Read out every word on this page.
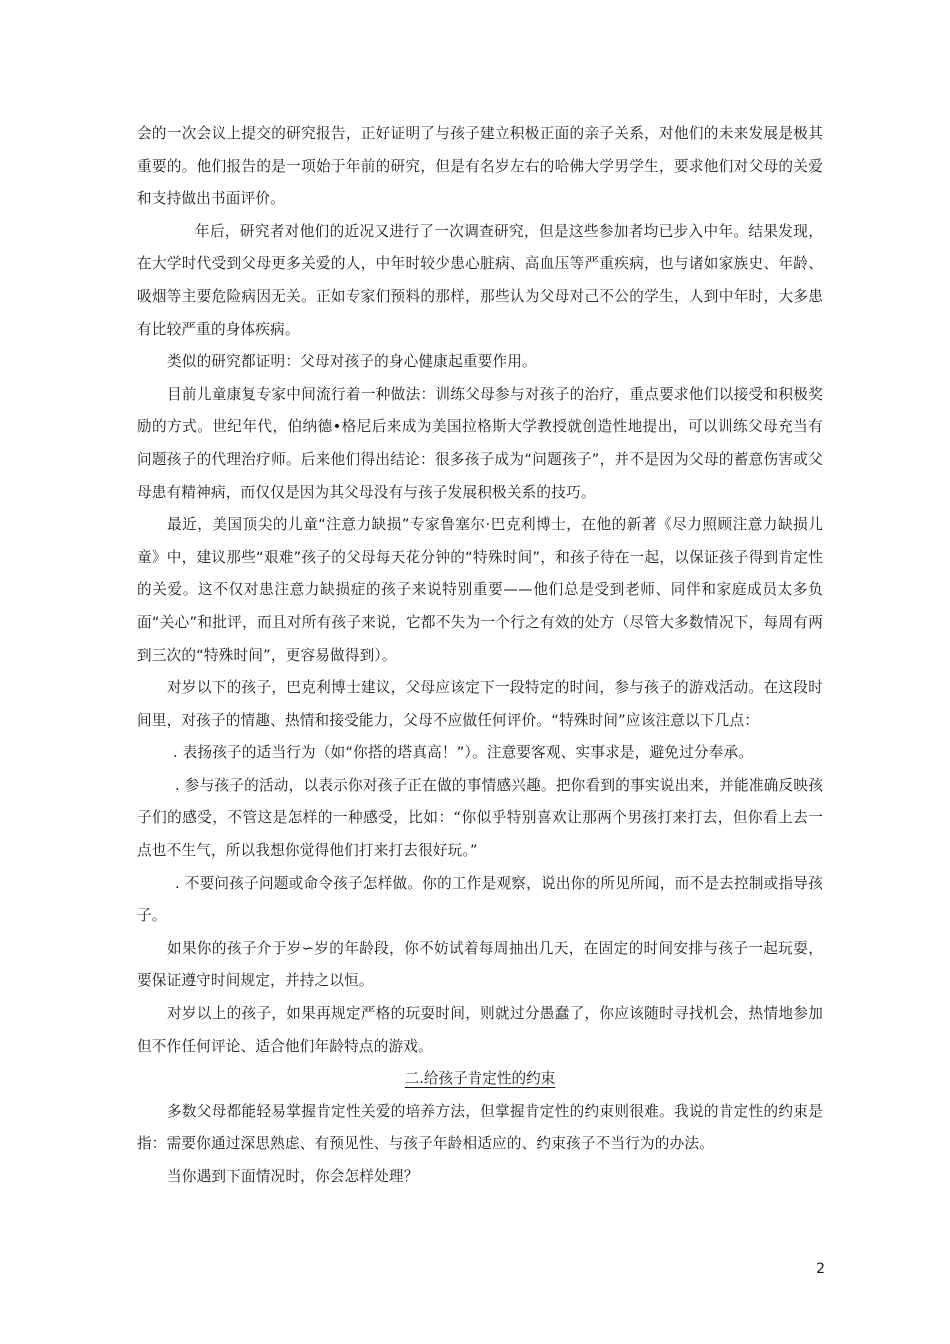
会的一次会议上提交的研究报告，正好证明了与孩子建立积极正面的亲子关系，对他们的未来发展是极其重要的。他们报告的是一项始于年前的研究，但是有名岁左右的哈佛大学男学生，要求他们对父母的关爱和支持做出书面评价。

年后，研究者对他们的近况又进行了一次调查研究，但是这些参加者均已步入中年。结果发现，在大学时代受到父母更多关爱的人，中年时较少患心脏病、高血压等严重疾病，也与诸如家族史、年龄、吸烟等主要危险病因无关。正如专家们预料的那样，那些认为父母对己不公的学生，人到中年时，大多患有比较严重的身体疾病。

类似的研究都证明：父母对孩子的身心健康起重要作用。

目前儿童康复专家中间流行着一种做法：训练父母参与对孩子的治疗，重点要求他们以接受和积极奖励的方式。世纪年代，伯纳德•格尼后来成为美国拉格斯大学教授就创造性地提出，可以训练父母充当有问题孩子的代理治疗师。后来他们得出结论：很多孩子成为“问题孩子”，并不是因为父母的蓄意伤害或父母患有精神病，而仅仅是因为其父母没有与孩子发展积极关系的技巧。

最近，美国顶尖的儿童“注意力缺损”专家鲁塞尔·巴克利博士，在他的新著《尽力照顾注意力缺损儿童》中，建议那些“艰难”孩子的父母每天花分钟的“特殊时间”，和孩子待在一起，以保证孩子得到肯定性的关爱。这不仅对患注意力缺损症的孩子来说特别重要——他们总是受到老师、同伴和家庭成员太多负面“关心”和批评，而且对所有孩子来说，它都不失为一个行之有效的处方（尽管大多数情况下，每周有两到三次的“特殊时间”，更容易做得到）。

对岁以下的孩子，巴克利博士建议，父母应该定下一段特定的时间，参与孩子的游戏活动。在这段时间里，对孩子的情趣、热情和接受能力，父母不应做任何评价。“特殊时间”应该注意以下几点：

. 表扬孩子的适当行为（如“你搭的塔真高！”）。注意要客观、实事求是，避免过分奉承。

. 参与孩子的活动，以表示你对孩子正在做的事情感兴趣。把你看到的事实说出来，并能准确反映孩子们的感受，不管这是怎样的一种感受，比如：“你似乎特别喜欢让那两个男孩打来打去，但你看上去一点也不生气，所以我想你觉得他们打来打去很好玩。”

. 不要问孩子问题或命令孩子怎样做。你的工作是观察，说出你的所见所闻，而不是去控制或指导孩子。

如果你的孩子介于岁∽岁的年龄段，你不妨试着每周抽出几天，在固定的时间安排与孩子一起玩耍，要保证遵守时间规定，并持之以恒。

对岁以上的孩子，如果再规定严格的玩耍时间，则就过分愚蠢了，你应该随时寻找机会，热情地参加但不作任何评论、适合他们年龄特点的游戏。

二.给孩子肯定性的约束

多数父母都能轻易掌握肯定性关爱的培养方法，但掌握肯定性的约束则很难。我说的肯定性的约束是指：需要你通过深思熟虑、有预见性、与孩子年龄相适应的、约束孩子不当行为的办法。

当你遇到下面情况时，你会怎样处理？

2
